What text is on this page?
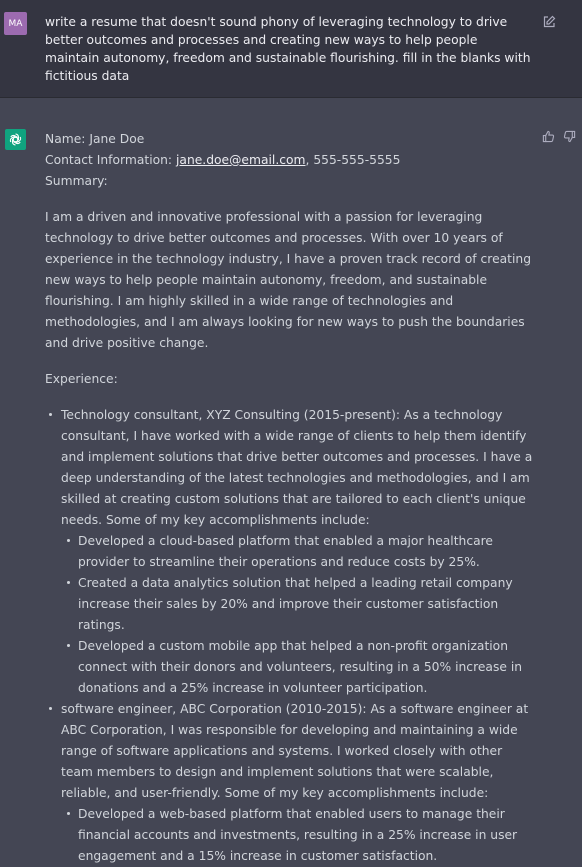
MA	write a resume that doesn't sound phony of leveraging technology to drive better outcomes and processes and creating new ways to help people maintain autonomy, freedom and sustainable flourishing. fill in the blanks with fictitious data

Name: Jane Doe

Contact Information: jane.doe@email.com, 555-555-5555

Summary:

I am a driven and innovative professional with a passion for leveraging technology to drive better outcomes and processes. With over 10 years of experience in the technology industry, I have a proven track record of creating new ways to help people maintain autonomy, freedom, and sustainable flourishing. I am highly skilled in a wide range of technologies and methodologies, and I am always looking for new ways to push the boundaries and drive positive change.

Experience:

Technology consultant, XYZ Consulting (2015-present): As a technology consultant, I have worked with a wide range of clients to help them identify and implement solutions that drive better outcomes and processes. I have a deep understanding of the latest technologies and methodologies, and I am skilled at creating custom solutions that are tailored to each client's unique needs. Some of my key accomplishments include:
Developed a cloud-based platform that enabled a major healthcare provider to streamline their operations and reduce costs by 25%.
Created a data analytics solution that helped a leading retail company increase their sales by 20% and improve their customer satisfaction ratings.
Developed a custom mobile app that helped a non-profit organization connect with their donors and volunteers, resulting in a 50% increase in donations and a 25% increase in volunteer participation.
software engineer, ABC Corporation (2010-2015): As a software engineer at ABC Corporation, I was responsible for developing and maintaining a wide range of software applications and systems. I worked closely with other team members to design and implement solutions that were scalable, reliable, and user-friendly. Some of my key accomplishments include:
Developed a web-based platform that enabled users to manage their financial accounts and investments, resulting in a 25% increase in user engagement and a 15% increase in customer satisfaction.
